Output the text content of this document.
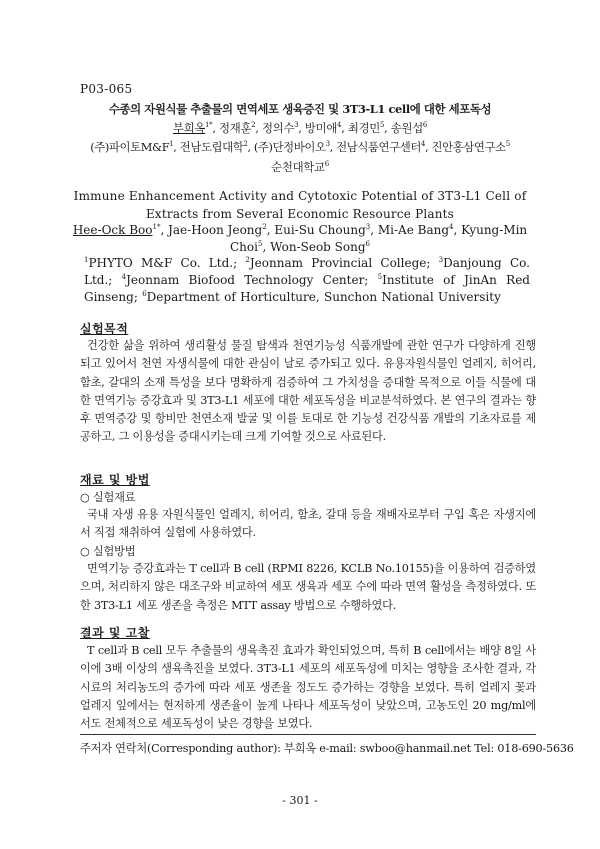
P03-065
수종의 자원식물 추출물의 면역세포 생육증진 및 3T3-L1 cell에 대한 세포독성
부희옥$^{1*}$, 정재훈$^2$, 정의수$^3$, 방미애$^4$, 최경민$^5$, 송원섭$^6$
(주)파이토$M\&F^1$, 전남도립대학$^2$, (주)단정바이오$^3$, 전남식품연구센터$^4$, 진안홍삼연구소$^5$
순천대학교$^6$
Immune Enhancement Activity and Cytotoxic Potential of 3T3-L1 Cell of
Extracts from Several Economic Resource Plants
Hee-Ock Boo$^{1*}$, Jae-Hoon Jeong$^2$, Eui-Su Choung$^3$, Mi-Ae Bang$^4$, Kyung-Min Choi$^5$, Won-Seob Song$^6$
$^1$PHYTO M&F Co. Ltd.; $^2$Jeonnam Provincial College; $^3$Danjoung Co. Ltd.; $^4$Jeonnam Biofood Technology Center; $^5$Institute of JinAn Red Ginseng; $^6$Department of Horticulture, Sunchon National University
실험목적
건강한 삶을 위하여 생리활성 물질 탐색과 천연기능성 식품개발에 관한 연구가 다양하게 진행되고 있어서 천연 자생식물에 대한 관심이 날로 증가되고 있다. 유용자원식물인 얼레지, 히어리, 함초, 갈대의 소재 특성을 보다 명확하게 검증하여 그 가치성을 증대할 목적으로 이들 식물에 대한 면역기능 증강효과 및 3T3-L1 세포에 대한 세포독성을 비교분석하였다. 본 연구의 결과는 향후 면역증강 및 항비만 천연소재 발굴 및 이를 토대로 한 기능성 건강식품 개발의 기초자료를 제공하고, 그 이용성을 증대시키는데 크게 기여할 것으로 사료된다.
재료 및 방법
○ 실험재료
국내 자생 유용 자원식물인 얼레지, 히어리, 함초, 갈대 등을 재배자로부터 구입 혹은 자생지에서 직접 채취하여 실험에 사용하였다.
○ 실험방법
면역기능 증강효과는 T cell과 B cell (RPMI 8226, KCLB No.10155)을 이용하여 검증하였으며, 처리하지 않은 대조구와 비교하여 세포 생육과 세포 수에 따라 면역 활성을 측정하였다. 또한 3T3-L1 세포 생존을 측정은 MTT assay 방법으로 수행하였다.
결과 및 고찰
T cell과 B cell 모두 추출물의 생육촉진 효과가 확인되었으며, 특히 B cell에서는 배양 8일 사이에 3배 이상의 생육촉진을 보였다. 3T3-L1 세포의 세포독성에 미치는 영향을 조사한 결과, 각 시료의 처리농도의 증가에 따라 세포 생존율 정도도 증가하는 경향을 보였다. 특히 얼레지 꽃과 얼레지 잎에서는 현저하게 생존율이 높게 나타나 세포독성이 낮았으며, 고농도인 20 mg/ml에서도 전체적으로 세포독성이 낮은 경향을 보였다.
주저자 연락처(Corresponding author): 부희옥 e-mail: swboo@hanmail.net Tel: 018-690-5636
- 301 -
